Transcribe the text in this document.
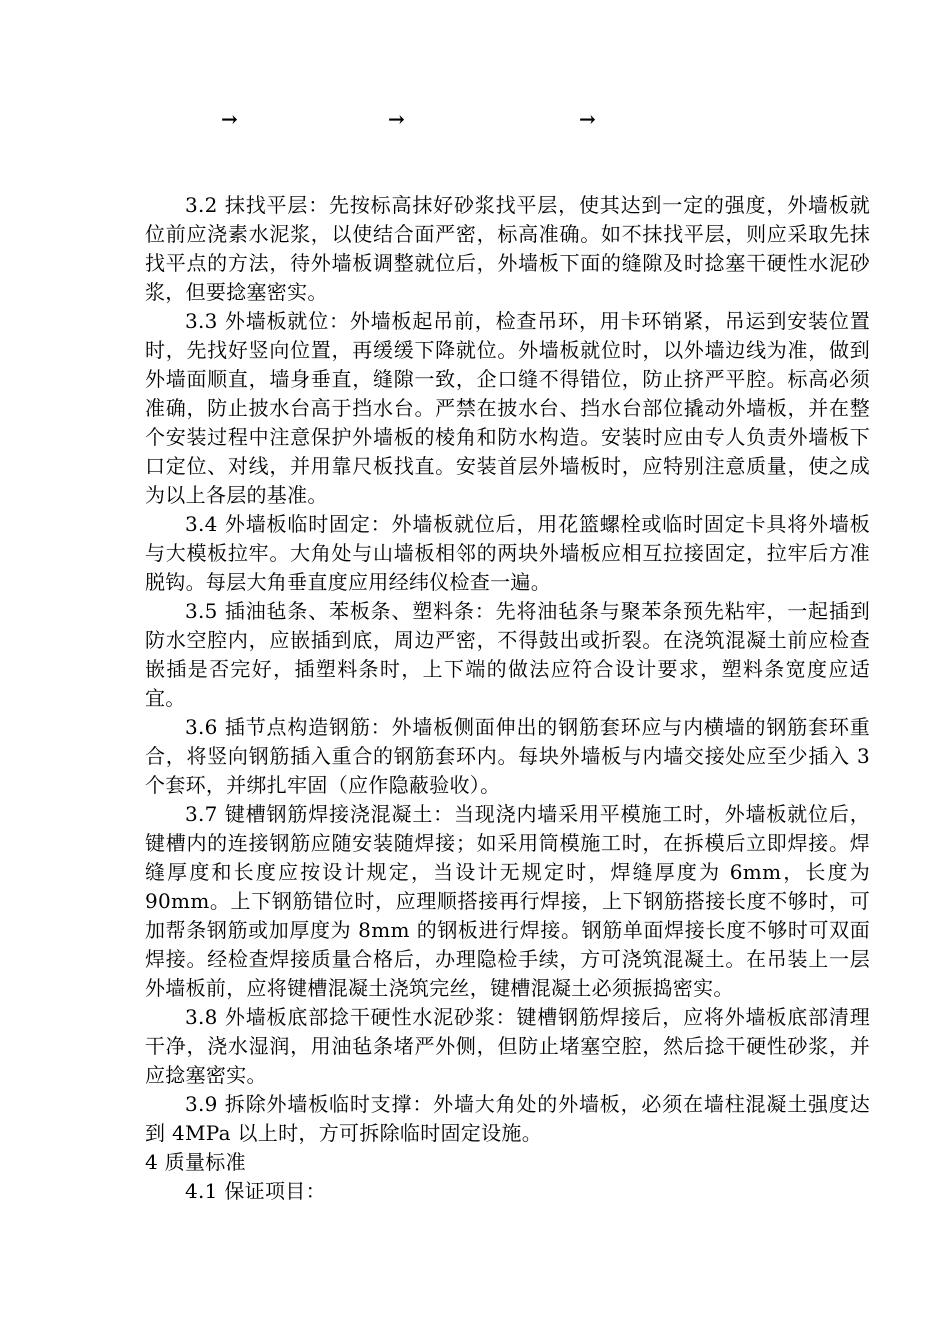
→	→	→

3.2 抹找平层：先按标高抹好砂浆找平层，使其达到一定的强度，外墙板就位前应浇素水泥浆，以使结合面严密，标高准确。如不抹找平层，则应采取先抹找平点的方法，待外墙板调整就位后，外墙板下面的缝隙及时捻塞干硬性水泥砂浆，但要捻塞密实。

3.3 外墙板就位：外墙板起吊前，检查吊环，用卡环销紧，吊运到安装位置时，先找好竖向位置，再缓缓下降就位。外墙板就位时，以外墙边线为准，做到外墙面顺直，墙身垂直，缝隙一致，企口缝不得错位，防止挤严平腔。标高必须准确，防止披水台高于挡水台。严禁在披水台、挡水台部位撬动外墙板，并在整个安装过程中注意保护外墙板的棱角和防水构造。安装时应由专人负责外墙板下口定位、对线，并用靠尺板找直。安装首层外墙板时，应特别注意质量，使之成为以上各层的基准。

3.4 外墙板临时固定：外墙板就位后，用花篮螺栓或临时固定卡具将外墙板与大模板拉牢。大角处与山墙板相邻的两块外墙板应相互拉接固定，拉牢后方准脱钩。每层大角垂直度应用经纬仪检查一遍。

3.5 插油毡条、苯板条、塑料条：先将油毡条与聚苯条预先粘牢，一起插到防水空腔内，应嵌插到底，周边严密，不得鼓出或折裂。在浇筑混凝土前应检查嵌插是否完好，插塑料条时，上下端的做法应符合设计要求，塑料条宽度应适宜。

3.6 插节点构造钢筋：外墙板侧面伸出的钢筋套环应与内横墙的钢筋套环重合，将竖向钢筋插入重合的钢筋套环内。每块外墙板与内墙交接处应至少插入 3 个套环，并绑扎牢固（应作隐蔽验收）。

3.7 键槽钢筋焊接浇混凝土：当现浇内墙采用平模施工时，外墙板就位后，键槽内的连接钢筋应随安装随焊接；如采用筒模施工时，在拆模后立即焊接。焊缝厚度和长度应按设计规定，当设计无规定时，焊缝厚度为 6mm，长度为 90mm。上下钢筋错位时，应理顺搭接再行焊接，上下钢筋搭接长度不够时，可加帮条钢筋或加厚度为 8mm 的钢板进行焊接。钢筋单面焊接长度不够时可双面焊接。经检查焊接质量合格后，办理隐检手续，方可浇筑混凝土。在吊装上一层外墙板前，应将键槽混凝土浇筑完丝，键槽混凝土必须振捣密实。

3.8 外墙板底部捻干硬性水泥砂浆：键槽钢筋焊接后，应将外墙板底部清理干净，浇水湿润，用油毡条堵严外侧，但防止堵塞空腔，然后捻干硬性砂浆，并应捻塞密实。

3.9 拆除外墙板临时支撑：外墙大角处的外墙板，必须在墙柱混凝土强度达到 4MPa 以上时，方可拆除临时固定设施。

4 质量标准

4.1 保证项目：
